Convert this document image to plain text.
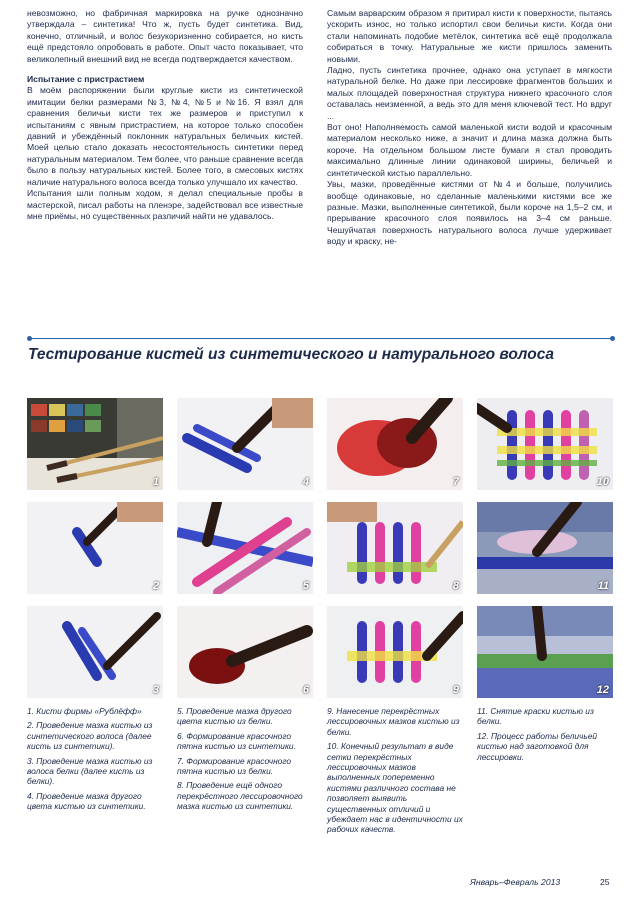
невозможно, но фабричная маркировка на ручке однозначно утверждала – синтетика! Что ж, пусть будет синтетика. Вид, конечно, отличный, и волос безукоризненно собирается, но кисть ещё предстояло опробовать в работе. Опыт часто показывает, что великолепный внешний вид не всегда подтверждается качеством.

Испытание с пристрастием

В моём распоряжении были круглые кисти из синтетической имитации белки размерами №3, №4, №5 и №16. Я взял для сравнения беличьи кисти тех же размеров и приступил к испытаниям с явным пристрастием, на которое только способен давний и убеждённый поклонник натуральных беличьих кистей. Моей целью стало доказать несостоятельность синтетики перед натуральным материалом. Тем более, что раньше сравнение всегда было в пользу натуральных кистей. Более того, в смесовых кистях наличие натурального волоса всегда только улучшало их качество.

Испытания шли полным ходом, я делал специальные пробы в мастерской, писал работы на пленэре, задействовал все известные мне приёмы, но существенных различий найти не удавалось.

Самым варварским образом я притирал кисти к поверхности, пытаясь ускорить износ, но только испортил свои беличьи кисти. Когда они стали напоминать подобие метёлок, синтетика всё ещё продолжала собираться в точку. Натуральные же кисти пришлось заменить новыми.

Ладно, пусть синтетика прочнее, однако она уступает в мягкости натуральной белке. Но даже при лессировке фрагментов больших и малых площадей поверхностная структура нижнего красочного слоя оставалась неизменной, а ведь это для меня ключевой тест. Но вдруг ...

Вот оно! Наполняемость самой маленькой кисти водой и красочным материалом несколько ниже, а значит и длина мазка должна быть короче. На отдельном большом листе бумаги я стал проводить максимально длинные линии одинаковой ширины, беличьей и синтетической кистью параллельно.

Увы, мазки, проведённые кистями от №4 и больше, получились вообще одинаковые, но сделанные маленькими кистями все же разные. Мазки, выполненные синтетикой, были короче на 1,5–2 см, и прерывание красочного слоя появилось на 3–4 см раньше. Чешуйчатая поверхность натурального волоса лучше удерживает воду и краску, не-

Тестирование кистей из синтетического и натурального волоса
1	4	7	10
2	5	8	11
3	6	9	12

1. Кисти фирмы «Рублёфф»

2. Проведение мазка кистью из синтетического волоса (далее кисть из синтетики).

3. Проведение мазка кистью из волоса белки (далее кисть из белки).

4. Проведение мазка другого цвета кистью из синтетики.

5. Проведение мазка другого цвета кистью из белки.

6. Формирование красочного пятна кистью из синтетики.

7. Формирование красочного пятна кистью из белки.

8. Проведение ещё одного перекрёстного лессировочного мазка кистью из синтетики.

9. Нанесение перекрёстных лессировочных мазков кистью из белки.

10. Конечный результат в виде сетки перекрёстных лессировочных мазков выполненных попеременно кистями различного состава не позволяет выявить существенных отличий и убеждает нас в идентичности их рабочих качеств.

11. Снятие краски кистью из белки.

12. Процесс работы беличьей кистью над заготовкой для лессировки.

Январь–Февраль 2013	25
